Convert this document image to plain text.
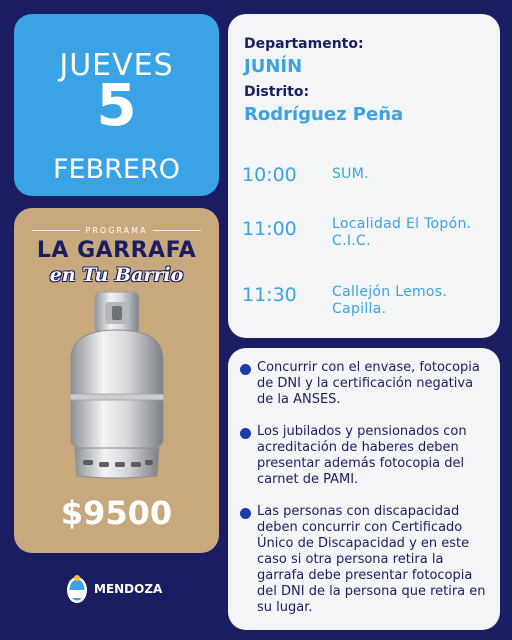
JUEVES
5
FEBRERO
PROGRAMA
LA GARRAFA
en Tu Barrio
$9500
Departamento:
JUNÍN
Distrito:
Rodríguez Peña
10:00	SUM.
11:00	Localidad El Topón.
C.I.C.
11:30	Callejón Lemos.
Capilla.
Concurrir con el envase, fotocopia de DNI y la certificación negativa de la ANSES.
Los jubilados y pensionados con acreditación de haberes deben presentar además fotocopia del carnet de PAMI.
Las personas con discapacidad deben concurrir con Certificado Único de Discapacidad y en este caso si otra persona retira la garrafa debe presentar fotocopia del DNI de la persona que retira en su lugar.
MENDOZA
